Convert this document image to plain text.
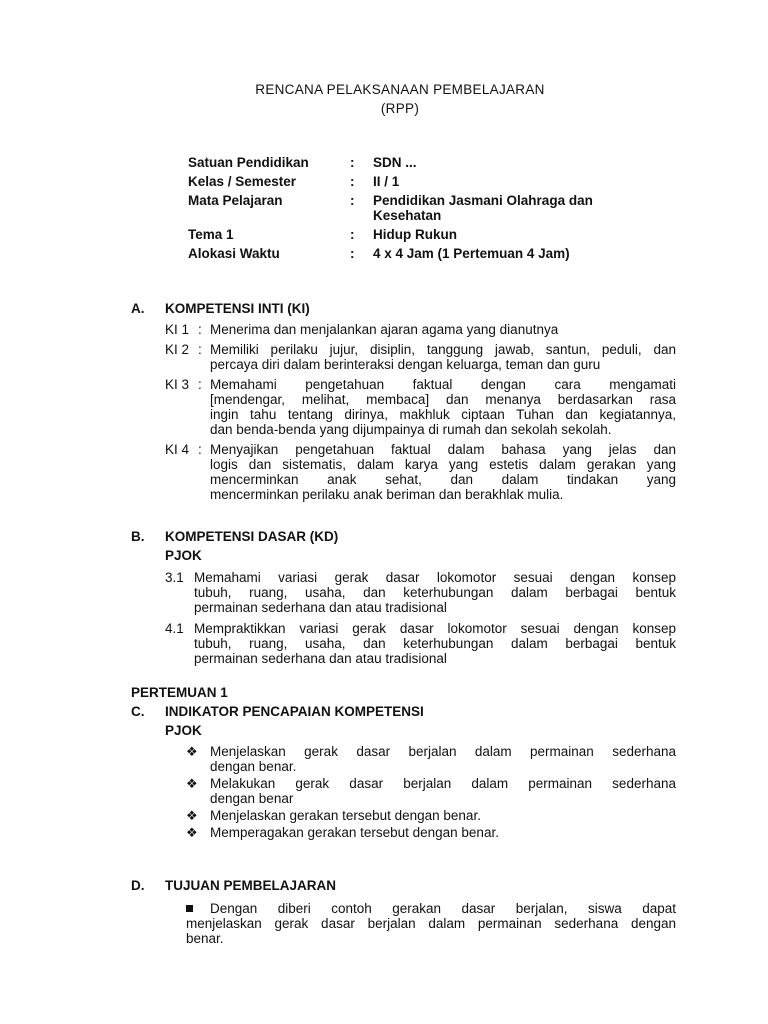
RENCANA PELAKSANAAN PEMBELAJARAN
(RPP)
Satuan Pendidikan	:	SDN ...
Kelas / Semester	:	II / 1
Mata Pelajaran	:	Pendidikan Jasmani Olahraga dan Kesehatan
Tema 1	:	Hidup Rukun
Alokasi Waktu	:	4 x 4 Jam (1 Pertemuan 4 Jam)
A.	KOMPETENSI INTI (KI)
KI 1 : Menerima dan menjalankan ajaran agama yang dianutnya
KI 2 : Memiliki perilaku jujur, disiplin, tanggung jawab, santun, peduli, dan
percaya diri dalam berinteraksi dengan keluarga, teman dan guru
KI 3 : Memahami pengetahuan faktual dengan cara mengamati
[mendengar, melihat, membaca] dan menanya berdasarkan rasa
ingin tahu tentang dirinya, makhluk ciptaan Tuhan dan kegiatannya,
dan benda-benda yang dijumpainya di rumah dan sekolah sekolah.
KI 4 : Menyajikan pengetahuan faktual dalam bahasa yang jelas dan
logis dan sistematis, dalam karya yang estetis dalam gerakan yang
mencerminkan anak sehat, dan dalam tindakan yang
mencerminkan perilaku anak beriman dan berakhlak mulia.
B.	KOMPETENSI DASAR (KD)
PJOK
3.1 Memahami variasi gerak dasar lokomotor sesuai dengan konsep
tubuh, ruang, usaha, dan keterhubungan dalam berbagai bentuk
permainan sederhana dan atau tradisional
4.1 Mempraktikkan variasi gerak dasar lokomotor sesuai dengan konsep
tubuh, ruang, usaha, dan keterhubungan dalam berbagai bentuk
permainan sederhana dan atau tradisional
PERTEMUAN 1
C.	INDIKATOR PENCAPAIAN KOMPETENSI
PJOK
❖ Menjelaskan gerak dasar berjalan dalam permainan sederhana
dengan benar.
❖ Melakukan gerak dasar berjalan dalam permainan sederhana
dengan benar
❖ Menjelaskan gerakan tersebut dengan benar.
❖ Memperagakan gerakan tersebut dengan benar.
D.	TUJUAN PEMBELAJARAN
Dengan diberi contoh gerakan dasar berjalan, siswa dapat
menjelaskan gerak dasar berjalan dalam permainan sederhana dengan
benar.
